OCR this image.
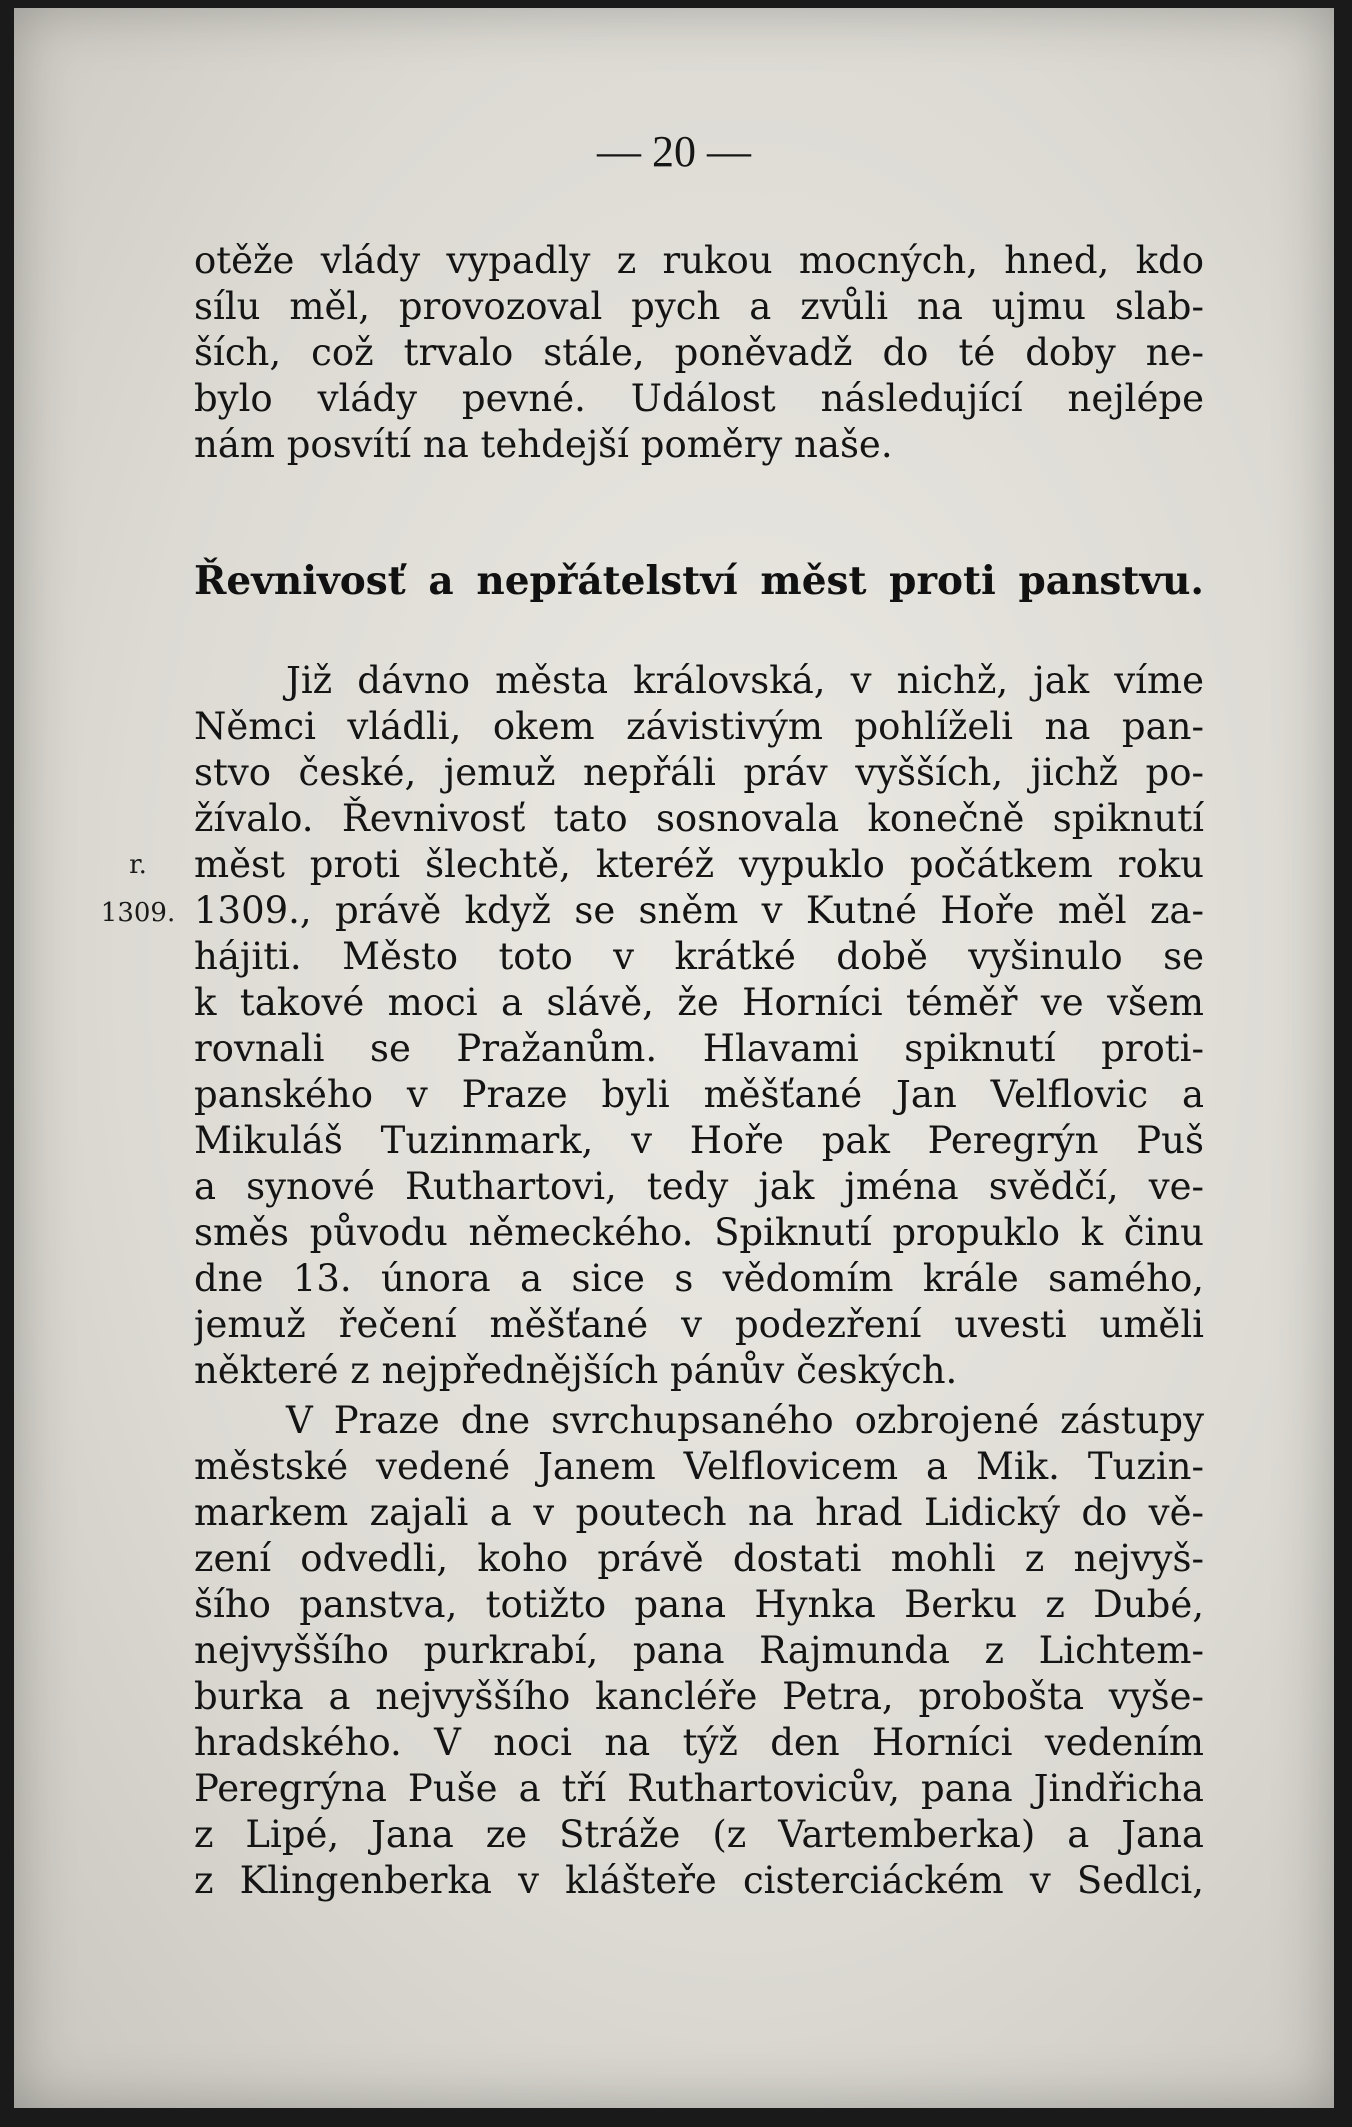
— 20 —
otěže vlády vypadly z rukou mocných, hned, kdo
sílu měl, provozoval pych a zvůli na ujmu slab-
ších, což trvalo stále, poněvadž do té doby ne-
bylo vlády pevné. Událost následující nejlépe
nám posvítí na tehdejší poměry naše.
Řevnivosť a nepřátelství měst proti panstvu.
r.
1309.
Již dávno města královská, v nichž, jak víme
Němci vládli, okem závistivým pohlíželi na pan-
stvo české, jemuž nepřáli práv vyšších, jichž po-
žívalo. Řevnivosť tato sosnovala konečně spiknutí
měst proti šlechtě, kteréž vypuklo počátkem roku
1309., právě když se sněm v Kutné Hoře měl za-
hájiti. Město toto v krátké době vyšinulo se
k takové moci a slávě, že Horníci téměř ve všem
rovnali se Pražanům. Hlavami spiknutí proti-
panského v Praze byli měšťané Jan Velflovic a
Mikuláš Tuzinmark, v Hoře pak Peregrýn Puš
a synové Ruthartovi, tedy jak jména svědčí, ve-
směs původu německého. Spiknutí propuklo k činu
dne 13. února a sice s vědomím krále samého,
jemuž řečení měšťané v podezření uvesti uměli
některé z nejpřednějších pánův českých.
V Praze dne svrchupsaného ozbrojené zástupy
městské vedené Janem Velflovicem a Mik. Tuzin-
markem zajali a v poutech na hrad Lidický do vě-
zení odvedli, koho právě dostati mohli z nejvyš-
šího panstva, totižto pana Hynka Berku z Dubé,
nejvyššího purkrabí, pana Rajmunda z Lichtem-
burka a nejvyššího kancléře Petra, probošta vyše-
hradského. V noci na týž den Horníci vedením
Peregrýna Puše a tří Ruthartovicův, pana Jindřicha
z Lipé, Jana ze Stráže (z Vartemberka) a Jana
z Klingenberka v klášteře cisterciáckém v Sedlci,
